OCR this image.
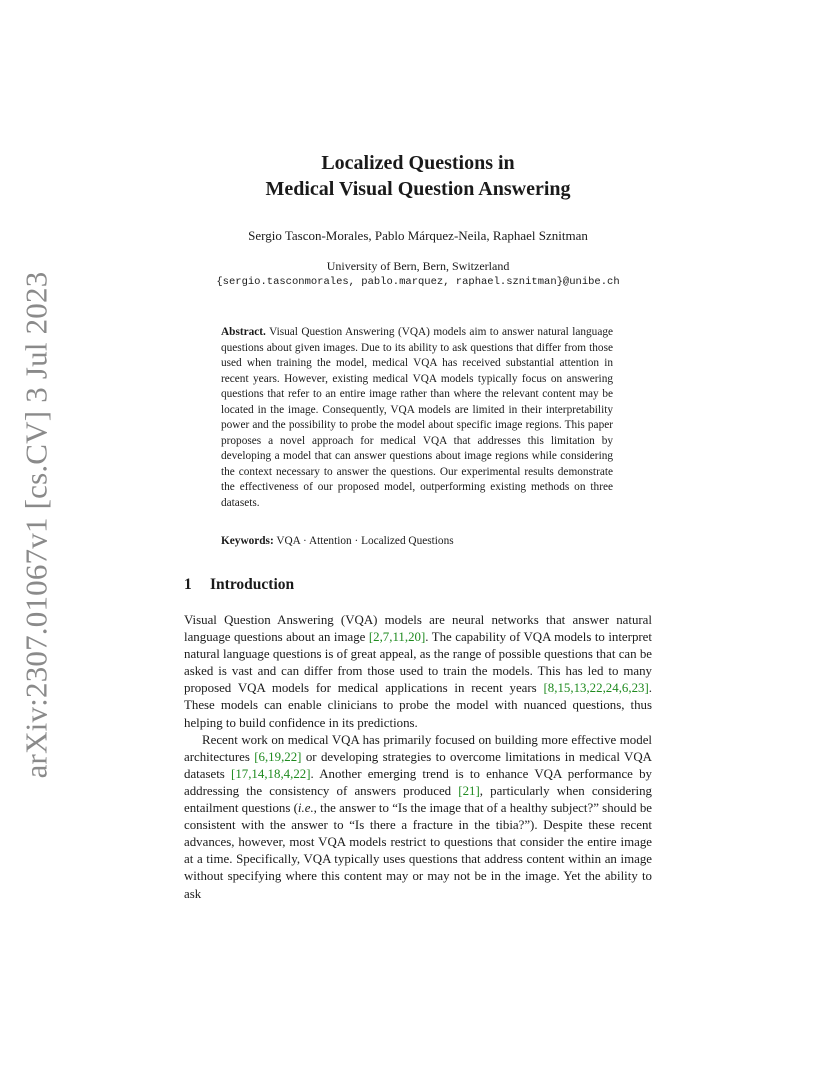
arXiv:2307.01067v1 [cs.CV] 3 Jul 2023
Localized Questions in
Medical Visual Question Answering
Sergio Tascon-Morales, Pablo Márquez-Neila, Raphael Sznitman
University of Bern, Bern, Switzerland
{sergio.tasconmorales, pablo.marquez, raphael.sznitman}@unibe.ch
Abstract. Visual Question Answering (VQA) models aim to answer natural language questions about given images. Due to its ability to ask questions that differ from those used when training the model, medical VQA has received substantial attention in recent years. However, existing medical VQA models typically focus on answering questions that refer to an entire image rather than where the relevant content may be located in the image. Consequently, VQA models are limited in their interpretability power and the possibility to probe the model about specific image regions. This paper proposes a novel approach for medical VQA that addresses this limitation by developing a model that can answer questions about image regions while considering the context necessary to answer the questions. Our experimental results demonstrate the effectiveness of our proposed model, outperforming existing methods on three datasets.
Keywords: VQA · Attention · Localized Questions
1 Introduction

Visual Question Answering (VQA) models are neural networks that answer natural language questions about an image [2,7,11,20]. The capability of VQA models to interpret natural language questions is of great appeal, as the range of possible questions that can be asked is vast and can differ from those used to train the models. This has led to many proposed VQA models for medical applications in recent years [8,15,13,22,24,6,23]. These models can enable clinicians to probe the model with nuanced questions, thus helping to build confidence in its predictions.

Recent work on medical VQA has primarily focused on building more effective model architectures [6,19,22] or developing strategies to overcome limitations in medical VQA datasets [17,14,18,4,22]. Another emerging trend is to enhance VQA performance by addressing the consistency of answers produced [21], particularly when considering entailment questions (i.e., the answer to “Is the image that of a healthy subject?” should be consistent with the answer to “Is there a fracture in the tibia?”). Despite these recent advances, however, most VQA models restrict to questions that consider the entire image at a time. Specifically, VQA typically uses questions that address content within an image without specifying where this content may or may not be in the image. Yet the ability to ask
